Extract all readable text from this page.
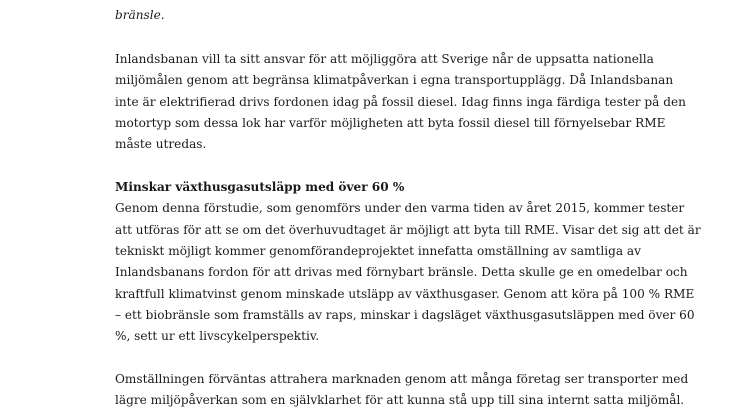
bränsle.
Inlandsbanan vill ta sitt ansvar för att möjliggöra att Sverige når de uppsatta nationella
miljömålen genom att begränsa klimatpåverkan i egna transportupplägg. Då Inlandsbanan
inte är elektrifierad drivs fordonen idag på fossil diesel. Idag finns inga färdiga tester på den
motortyp som dessa lok har varför möjligheten att byta fossil diesel till förnyelsebar RME
måste utredas.
Minskar växthusgasutsläpp med över 60 %
Genom denna förstudie, som genomförs under den varma tiden av året 2015, kommer tester
att utföras för att se om det överhuvudtaget är möjligt att byta till RME. Visar det sig att det är
tekniskt möjligt kommer genomförandeprojektet innefatta omställning av samtliga av
Inlandsbanans fordon för att drivas med förnybart bränsle. Detta skulle ge en omedelbar och
kraftfull klimatvinst genom minskade utsläpp av växthusgaser. Genom att köra på 100 % RME
– ett biobränsle som framställs av raps, minskar i dagsläget växthusgasutsläppen med över 60
%, sett ur ett livscykelperspektiv.
Omställningen förväntas attrahera marknaden genom att många företag ser transporter med
lägre miljöpåverkan som en självklarhet för att kunna stå upp till sina internt satta miljömål.
